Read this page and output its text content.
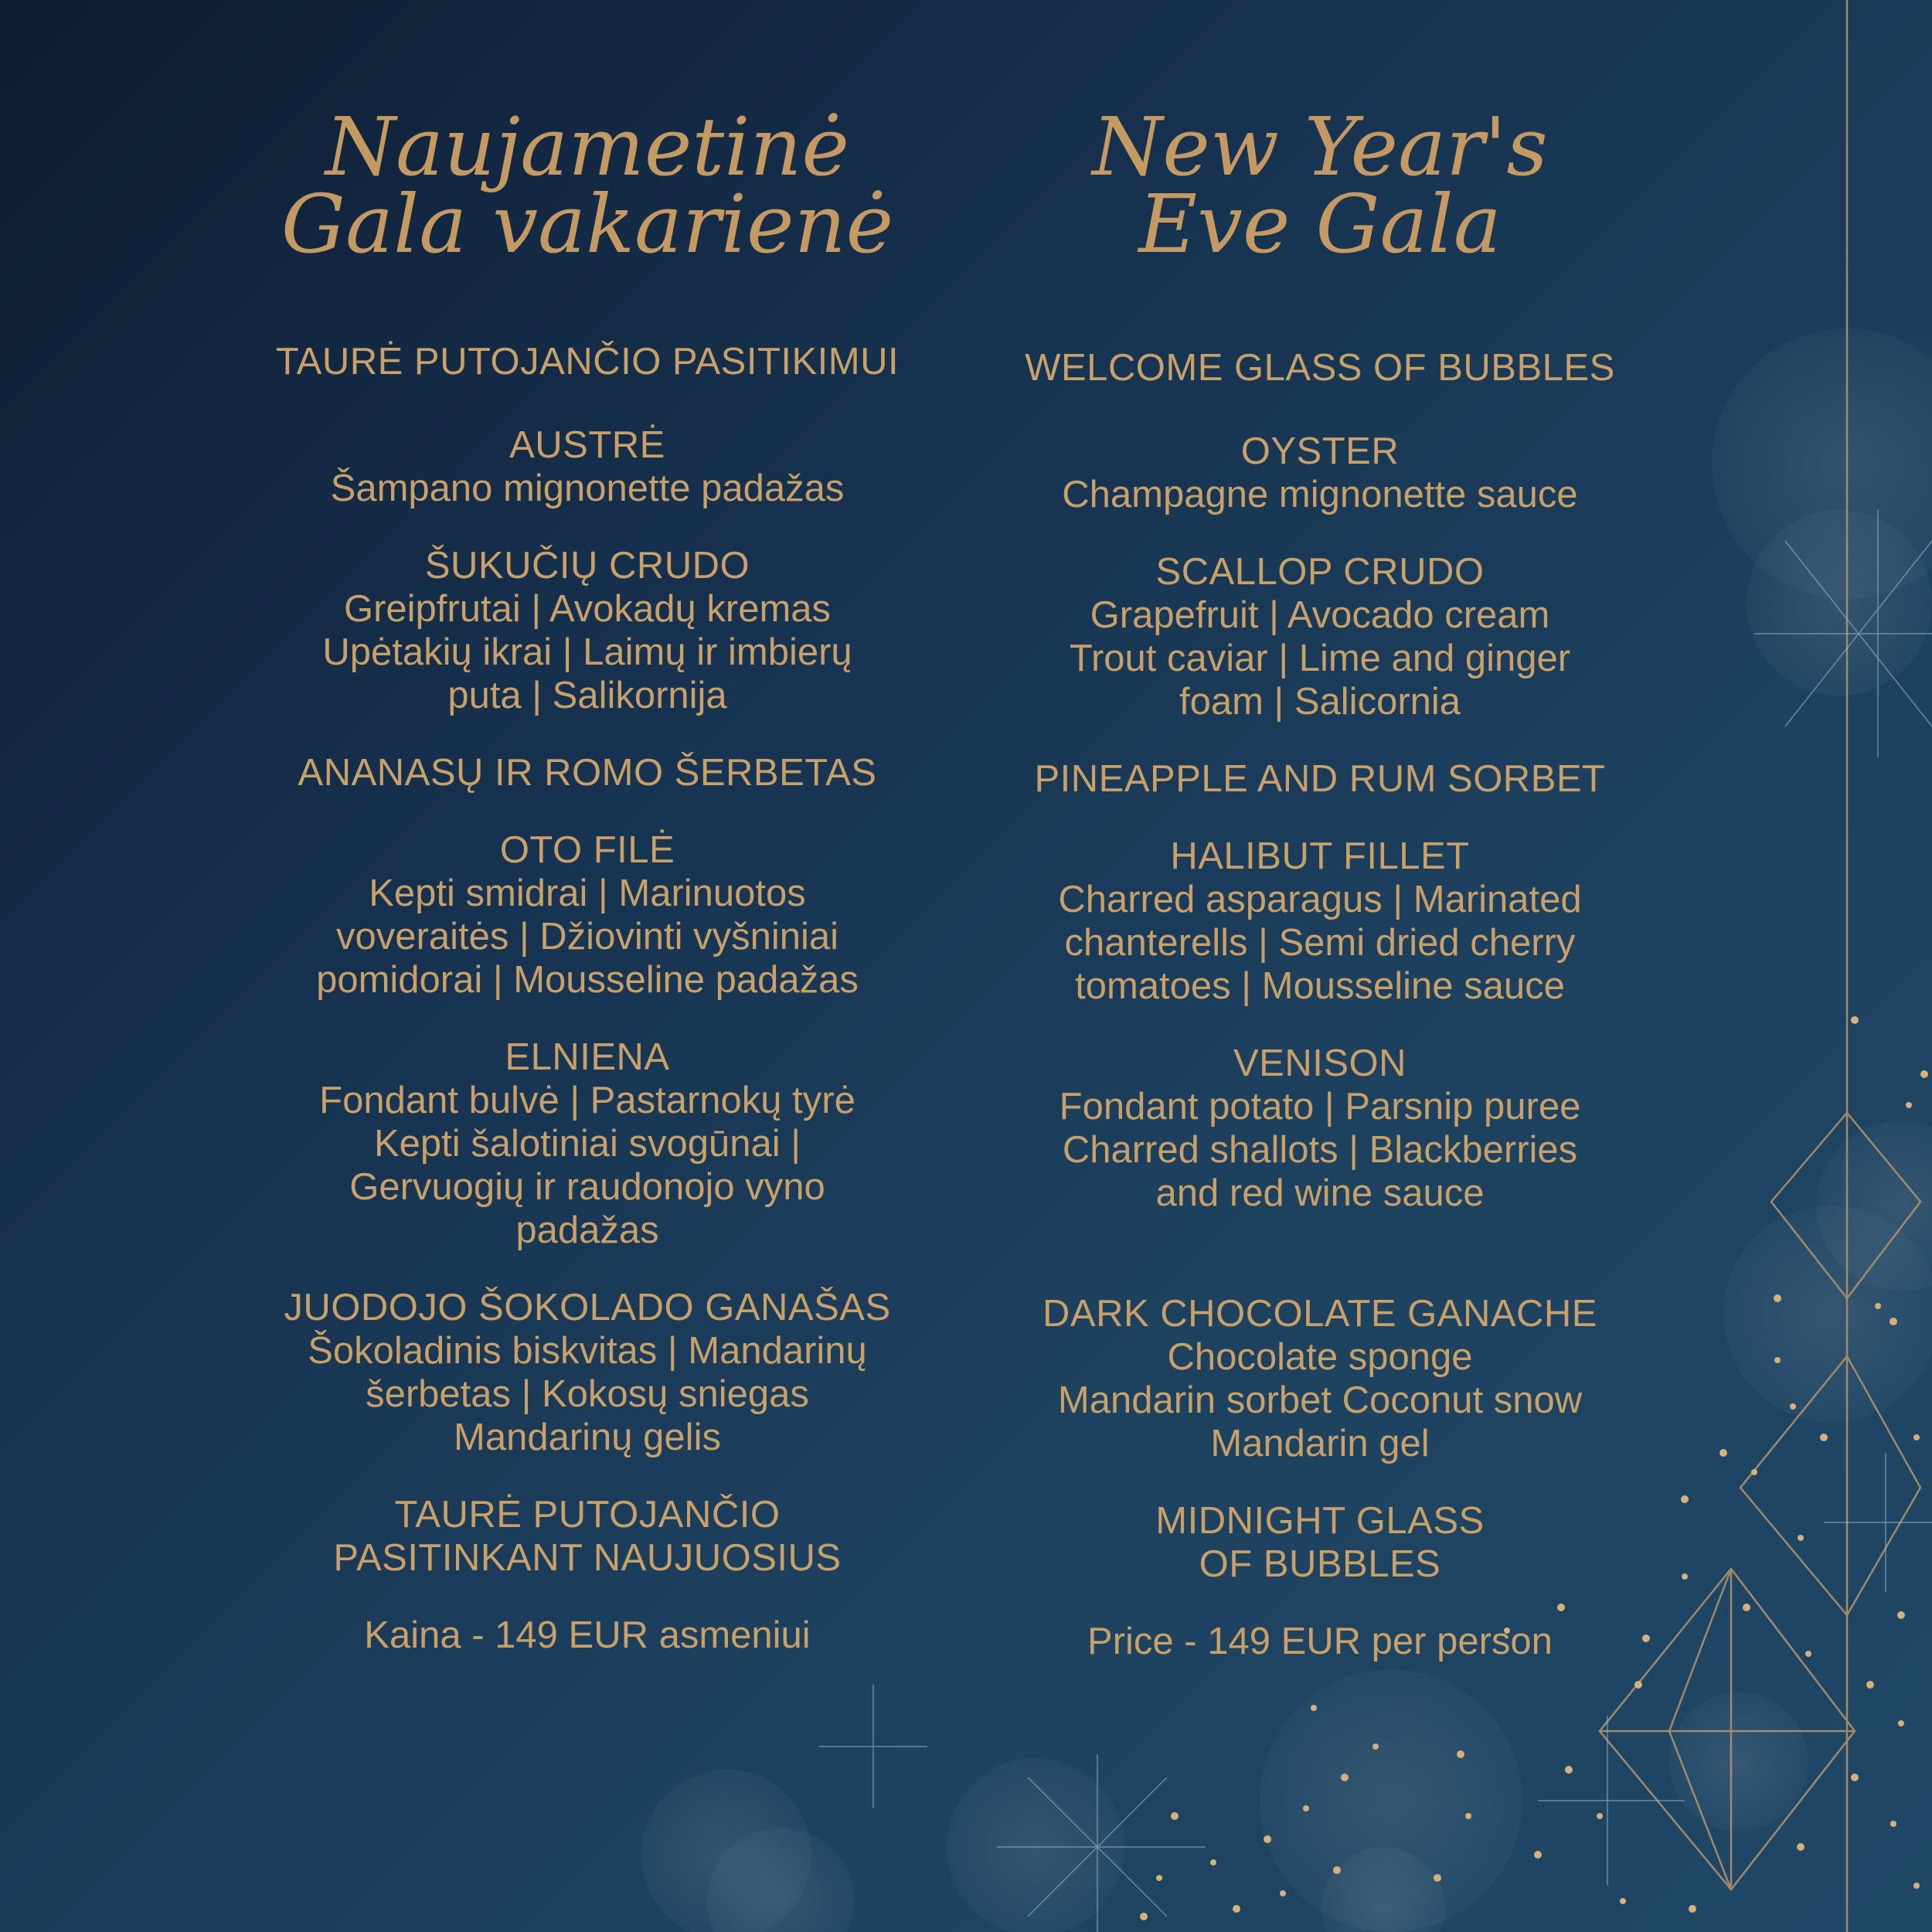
Naujametinė
Gala vakarienė
TAURĖ PUTOJANČIO PASITIKIMUI
AUSTRĖ
Šampano mignonette padažas
ŠUKUČIŲ CRUDO
Greipfrutai | Avokadų kremas
Upėtakių ikrai | Laimų ir imbierų
puta | Salikornija
ANANASŲ IR ROMO ŠERBETAS
OTO FILĖ
Kepti smidrai | Marinuotos
voveraitės | Džiovinti vyšniniai
pomidorai | Mousseline padažas
ELNIENA
Fondant bulvė | Pastarnokų tyrė
Kepti šalotiniai svogūnai |
Gervuogių ir raudonojo vyno
padažas
JUODOJO ŠOKOLADO GANAŠAS
Šokoladinis biskvitas | Mandarinų
šerbetas | Kokosų sniegas
Mandarinų gelis
TAURĖ PUTOJANČIO
PASITINKANT NAUJUOSIUS
Kaina - 149 EUR asmeniui
New Year's
Eve Gala
WELCOME GLASS OF BUBBLES
OYSTER
Champagne mignonette sauce
SCALLOP CRUDO
Grapefruit | Avocado cream
Trout caviar | Lime and ginger
foam | Salicornia
PINEAPPLE AND RUM SORBET
HALIBUT FILLET
Charred asparagus | Marinated
chanterells | Semi dried cherry
tomatoes | Mousseline sauce
VENISON
Fondant potato | Parsnip puree
Charred shallots | Blackberries
and red wine sauce
DARK CHOCOLATE GANACHE
Chocolate sponge
Mandarin sorbet Coconut snow
Mandarin gel
MIDNIGHT GLASS
OF BUBBLES
Price - 149 EUR per person
